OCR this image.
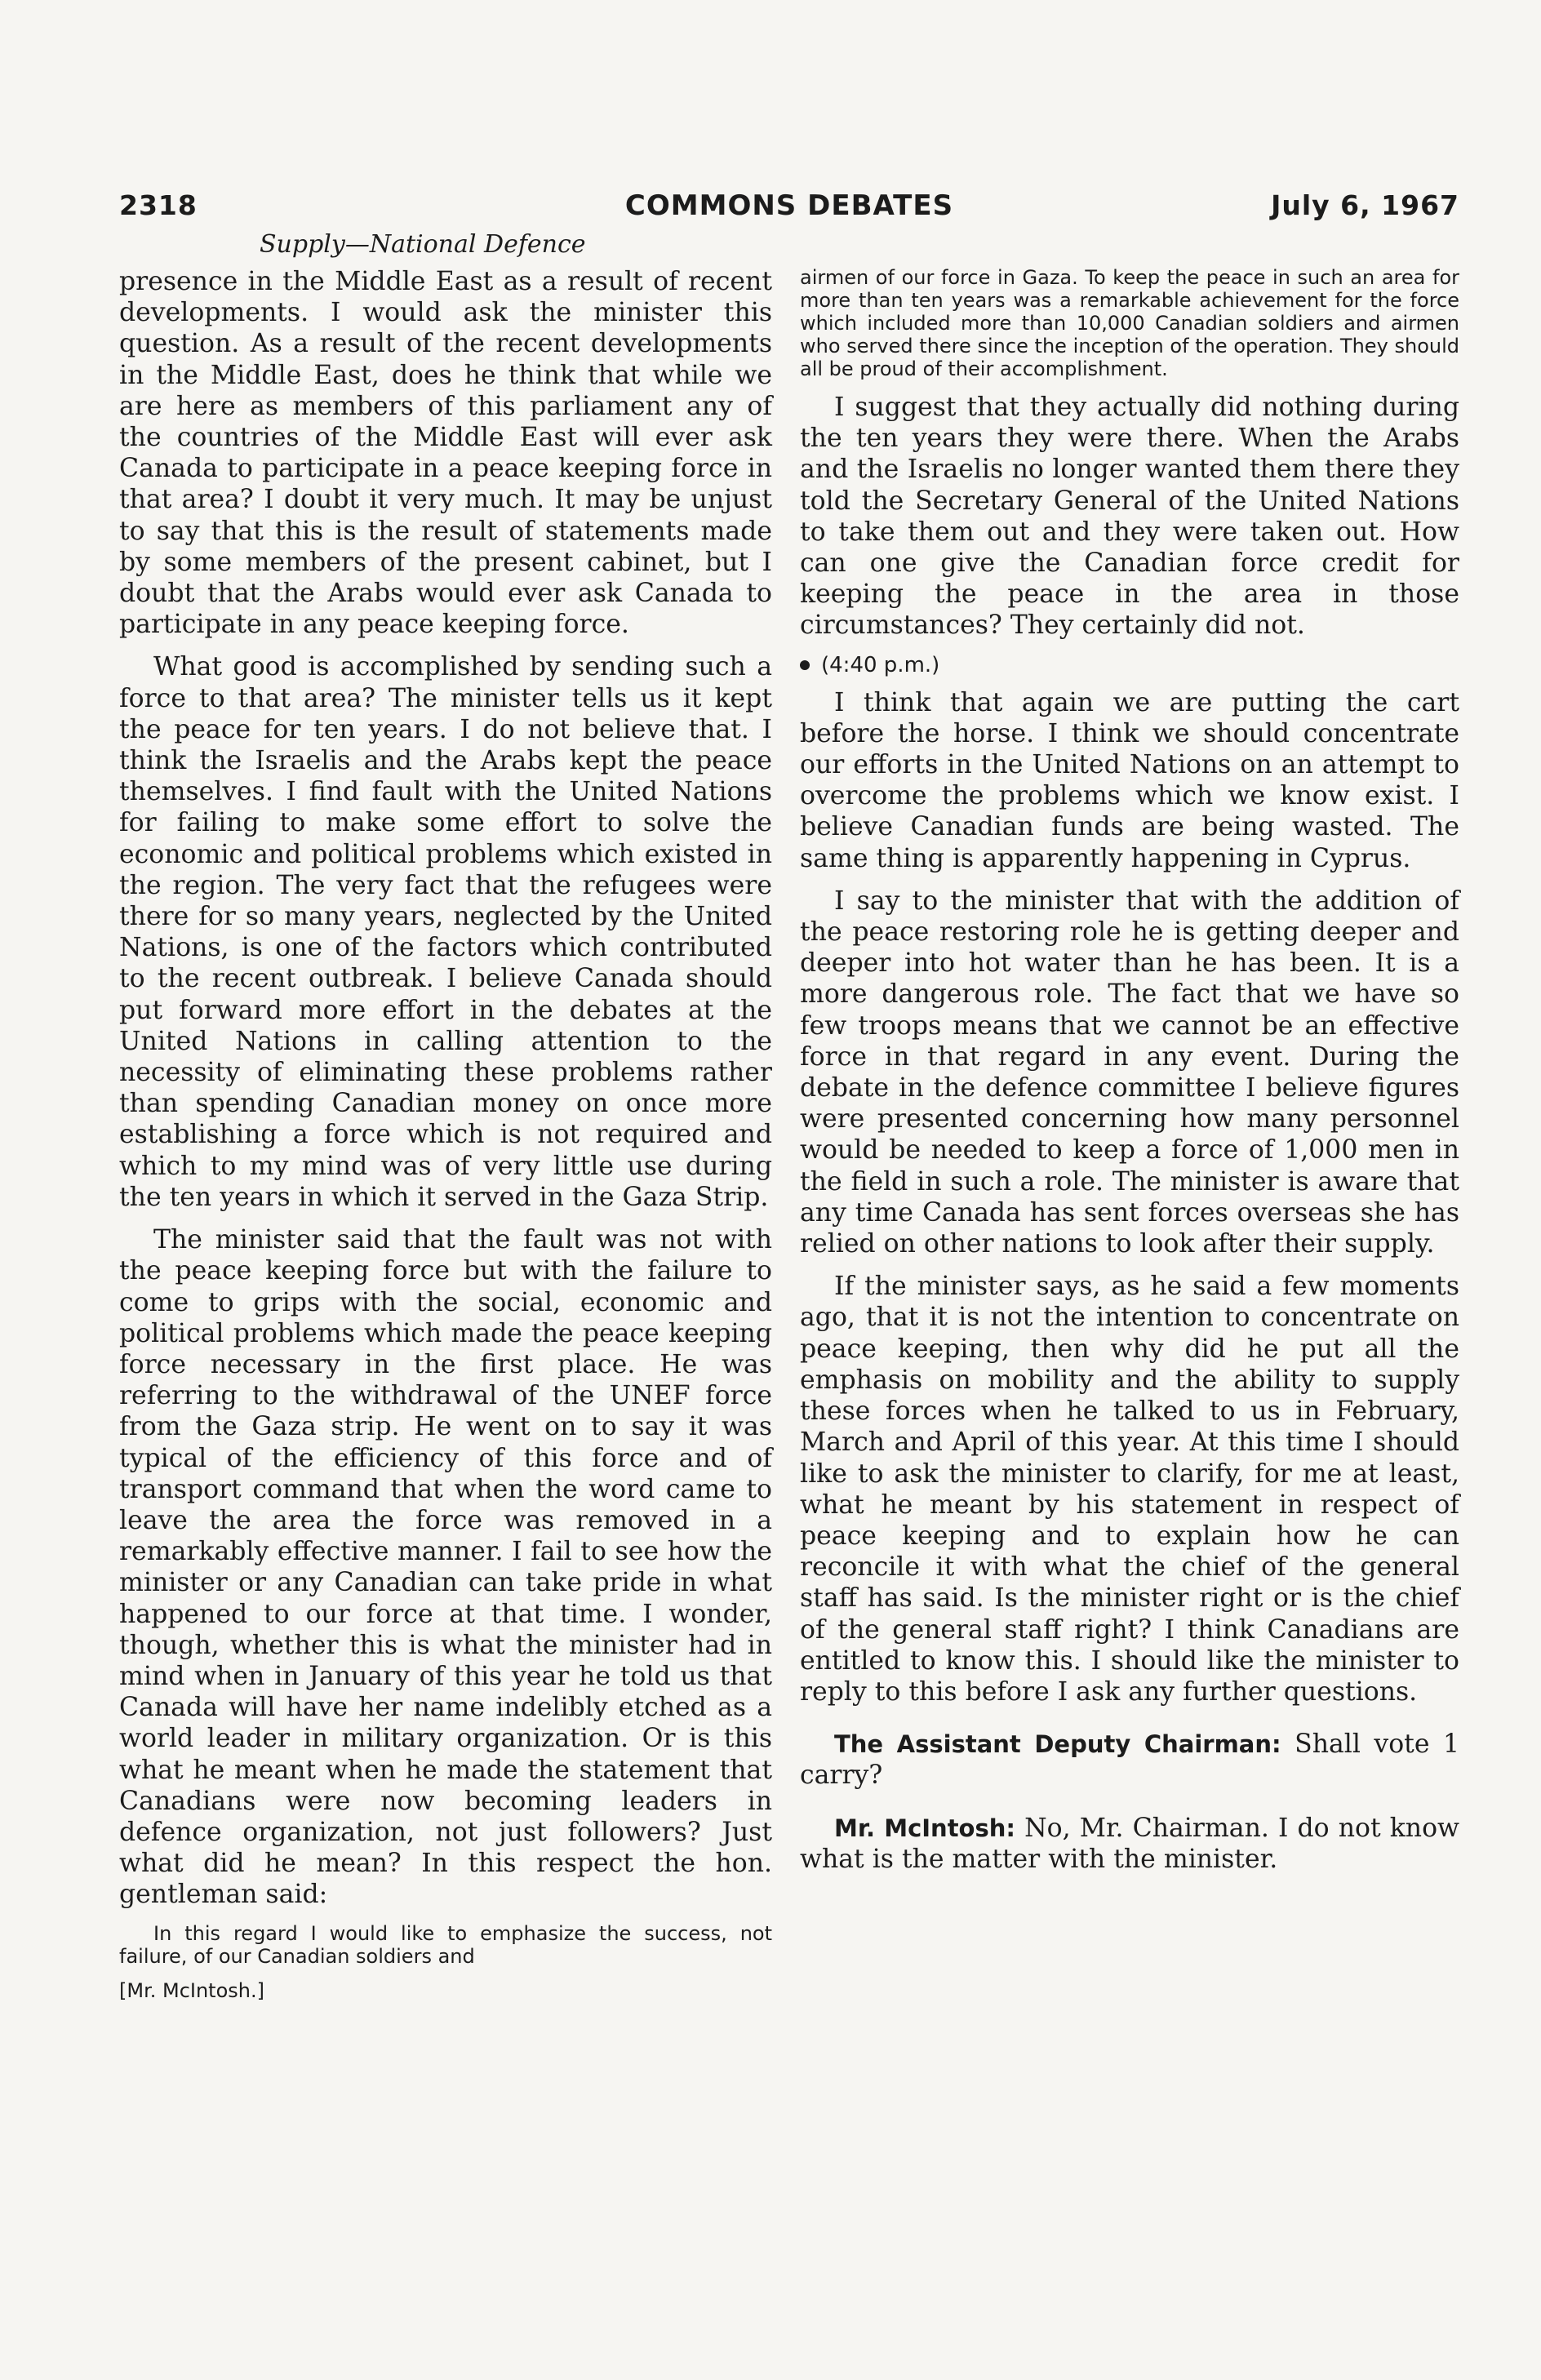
2318	COMMONS DEBATES	July 6, 1967
Supply—National Defence

presence in the Middle East as a result of recent developments. I would ask the minister this question. As a result of the recent developments in the Middle East, does he think that while we are here as members of this parliament any of the countries of the Middle East will ever ask Canada to participate in a peace keeping force in that area? I doubt it very much. It may be unjust to say that this is the result of statements made by some members of the present cabinet, but I doubt that the Arabs would ever ask Canada to participate in any peace keeping force.

What good is accomplished by sending such a force to that area? The minister tells us it kept the peace for ten years. I do not believe that. I think the Israelis and the Arabs kept the peace themselves. I find fault with the United Nations for failing to make some effort to solve the economic and political problems which existed in the region. The very fact that the refugees were there for so many years, neglected by the United Nations, is one of the factors which contributed to the recent outbreak. I believe Canada should put forward more effort in the debates at the United Nations in calling attention to the necessity of eliminating these problems rather than spending Canadian money on once more establishing a force which is not required and which to my mind was of very little use during the ten years in which it served in the Gaza Strip.

The minister said that the fault was not with the peace keeping force but with the failure to come to grips with the social, economic and political problems which made the peace keeping force necessary in the first place. He was referring to the withdrawal of the UNEF force from the Gaza strip. He went on to say it was typical of the efficiency of this force and of transport command that when the word came to leave the area the force was removed in a remarkably effective manner. I fail to see how the minister or any Canadian can take pride in what happened to our force at that time. I wonder, though, whether this is what the minister had in mind when in January of this year he told us that Canada will have her name indelibly etched as a world leader in military organization. Or is this what he meant when he made the statement that Canadians were now becoming leaders in defence organization, not just followers? Just what did he mean? In this respect the hon. gentleman said:

In this regard I would like to emphasize the success, not failure, of our Canadian soldiers and

[Mr. McIntosh.]

airmen of our force in Gaza. To keep the peace in such an area for more than ten years was a remarkable achievement for the force which included more than 10,000 Canadian soldiers and airmen who served there since the inception of the operation. They should all be proud of their accomplishment.

I suggest that they actually did nothing during the ten years they were there. When the Arabs and the Israelis no longer wanted them there they told the Secretary General of the United Nations to take them out and they were taken out. How can one give the Canadian force credit for keeping the peace in the area in those circumstances? They certainly did not.

(4:40 p.m.)

I think that again we are putting the cart before the horse. I think we should concentrate our efforts in the United Nations on an attempt to overcome the problems which we know exist. I believe Canadian funds are being wasted. The same thing is apparently happening in Cyprus.

I say to the minister that with the addition of the peace restoring role he is getting deeper and deeper into hot water than he has been. It is a more dangerous role. The fact that we have so few troops means that we cannot be an effective force in that regard in any event. During the debate in the defence committee I believe figures were presented concerning how many personnel would be needed to keep a force of 1,000 men in the field in such a role. The minister is aware that any time Canada has sent forces overseas she has relied on other nations to look after their supply.

If the minister says, as he said a few moments ago, that it is not the intention to concentrate on peace keeping, then why did he put all the emphasis on mobility and the ability to supply these forces when he talked to us in February, March and April of this year. At this time I should like to ask the minister to clarify, for me at least, what he meant by his statement in respect of peace keeping and to explain how he can reconcile it with what the chief of the general staff has said. Is the minister right or is the chief of the general staff right? I think Canadians are entitled to know this. I should like the minister to reply to this before I ask any further questions.

The Assistant Deputy Chairman: Shall vote 1 carry?

Mr. McIntosh: No, Mr. Chairman. I do not know what is the matter with the minister.
